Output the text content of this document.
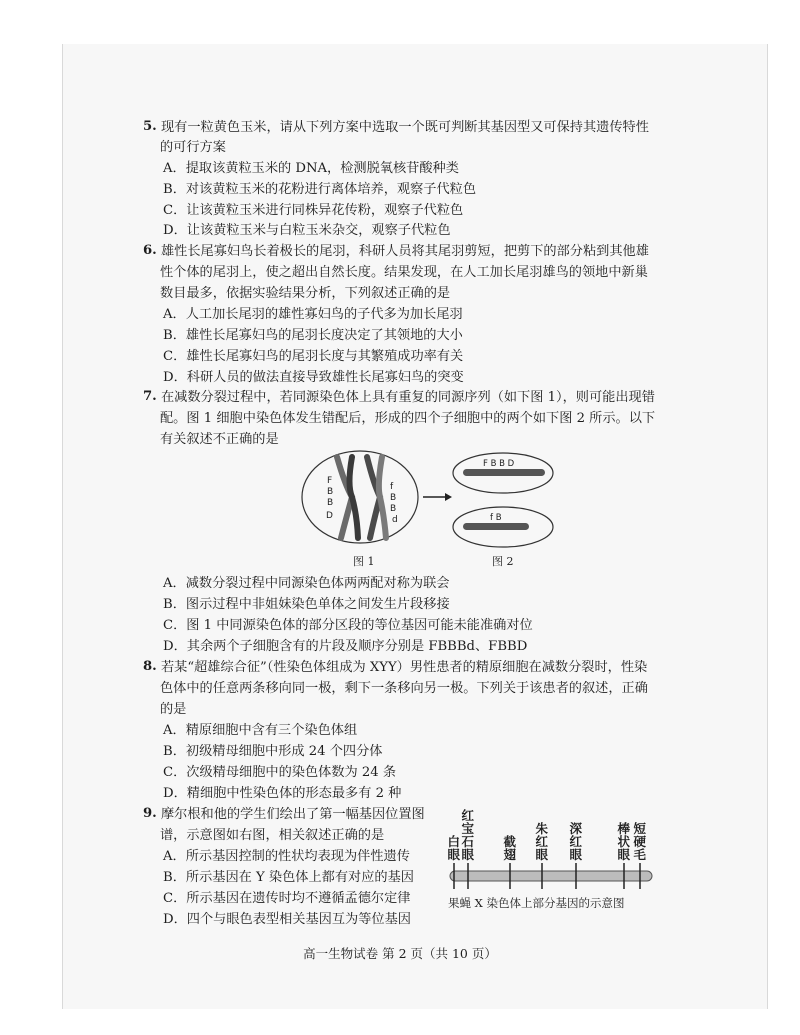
5. 现有一粒黄色玉米，请从下列方案中选取一个既可判断其基因型又可保持其遗传特性
的可行方案
A．提取该黄粒玉米的 DNA，检测脱氧核苷酸种类
B．对该黄粒玉米的花粉进行离体培养，观察子代粒色
C．让该黄粒玉米进行同株异花传粉，观察子代粒色
D．让该黄粒玉米与白粒玉米杂交，观察子代粒色
6. 雄性长尾寡妇鸟长着极长的尾羽，科研人员将其尾羽剪短，把剪下的部分粘到其他雄
性个体的尾羽上，使之超出自然长度。结果发现，在人工加长尾羽雄鸟的领地中新巢
数目最多，依据实验结果分析，下列叙述正确的是
A．人工加长尾羽的雄性寡妇鸟的子代多为加长尾羽
B．雄性长尾寡妇鸟的尾羽长度决定了其领地的大小
C．雄性长尾寡妇鸟的尾羽长度与其繁殖成功率有关
D．科研人员的做法直接导致雄性长尾寡妇鸟的突变
7. 在减数分裂过程中，若同源染色体上具有重复的同源序列（如下图 1），则可能出现错
配。图 1 细胞中染色体发生错配后，形成的四个子细胞中的两个如下图 2 所示。以下
有关叙述不正确的是
F
B
B
D
f
B
B
d
F B B D
f B
图 1	图 2
A．减数分裂过程中同源染色体两两配对称为联会
B．图示过程中非姐妹染色单体之间发生片段移接
C．图 1 中同源染色体的部分区段的等位基因可能未能准确对位
D．其余两个子细胞含有的片段及顺序分别是 FBBBd、FBBD
8. 若某“超雄综合征”（性染色体组成为 XYY）男性患者的精原细胞在减数分裂时，性染
色体中的任意两条移向同一极，剩下一条移向另一极。下列关于该患者的叙述，正确
的是
A．精原细胞中含有三个染色体组
B．初级精母细胞中形成 24 个四分体
C．次级精母细胞中的染色体数为 24 条
D．精细胞中性染色体的形态最多有 2 种
9. 摩尔根和他的学生们绘出了第一幅基因位置图
谱，示意图如右图，相关叙述正确的是
A．所示基因控制的性状均表现为伴性遗传
B．所示基因在 Y 染色体上都有对应的基因
C．所示基因在遗传时均不遵循孟德尔定律
D．四个与眼色表型相关基因互为等位基因
白
眼
红
宝
石
眼
截
翅
朱
红
眼
深
红
眼
棒
状
眼
短
硬
毛
果蝇 X 染色体上部分基因的示意图
高一生物试卷 第 2 页（共 10 页）
